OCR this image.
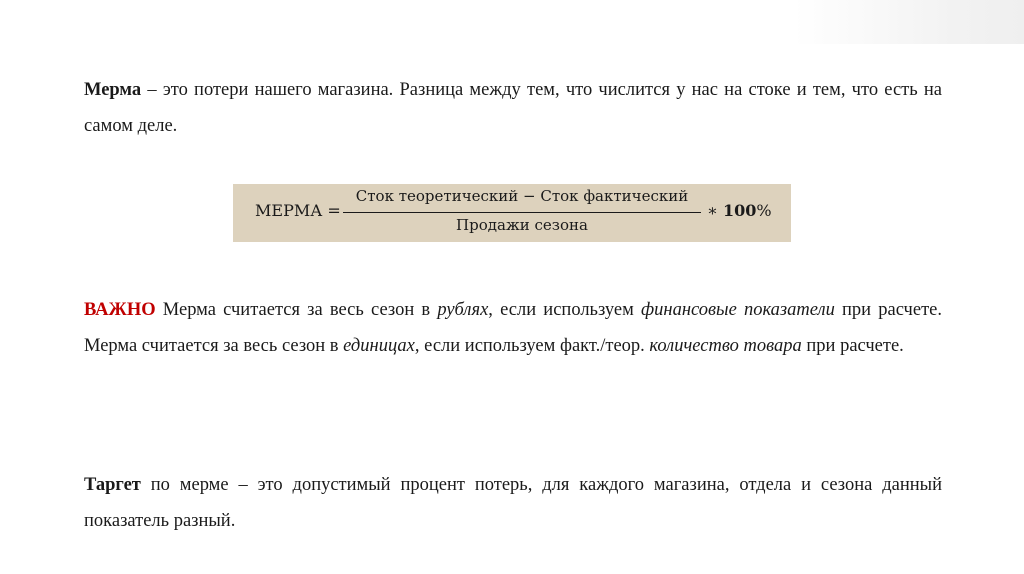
Мерма – это потери нашего магазина. Разница между тем, что числится у нас на стоке и тем, что есть на самом деле.

МЕРМА =
Сток теоретический − Сток фактический
Продажи сезона
∗ 100%

ВАЖНО Мерма считается за весь сезон в рублях, если используем финансовые показатели при расчете. Мерма считается за весь сезон в единицах, если используем факт./теор. количество товара при расчете.

Таргет по мерме – это допустимый процент потерь, для каждого магазина, отдела и сезона данный показатель разный.
